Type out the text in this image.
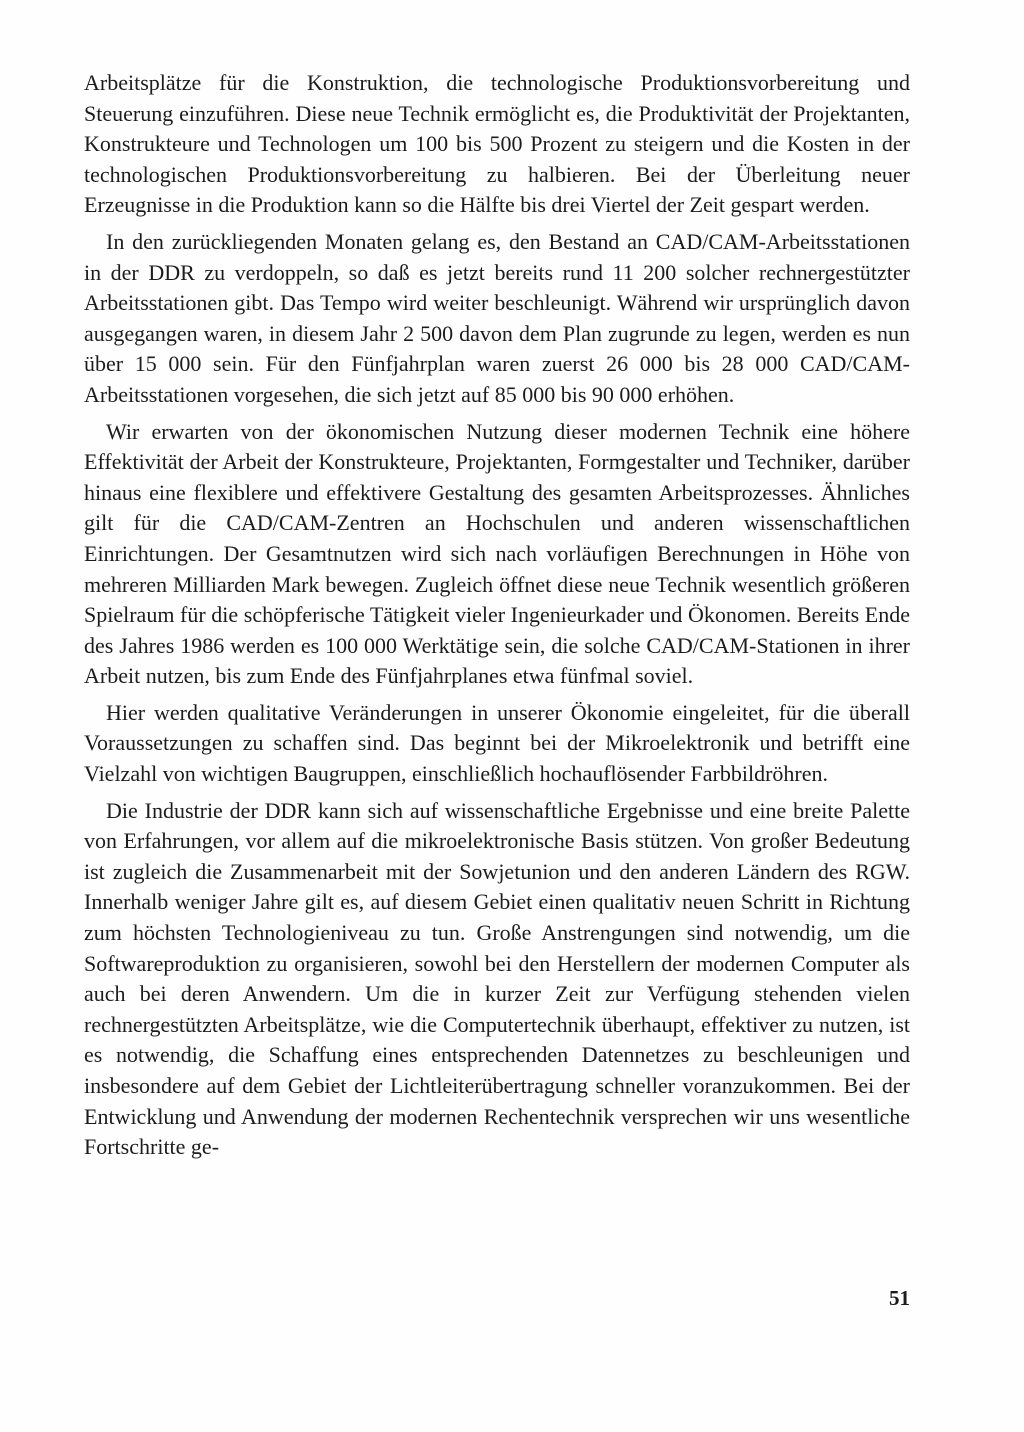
Arbeitsplätze für die Konstruktion, die technologische Produktionsvorbereitung und Steuerung einzuführen. Diese neue Technik ermöglicht es, die Produktivität der Projektanten, Konstrukteure und Technologen um 100 bis 500 Prozent zu steigern und die Kosten in der technologischen Produktionsvorbereitung zu halbieren. Bei der Überleitung neuer Erzeugnisse in die Produktion kann so die Hälfte bis drei Viertel der Zeit gespart werden.

In den zurückliegenden Monaten gelang es, den Bestand an CAD/CAM-Arbeitsstationen in der DDR zu verdoppeln, so daß es jetzt bereits rund 11 200 solcher rechnergestützter Arbeitsstationen gibt. Das Tempo wird weiter beschleunigt. Während wir ursprünglich davon ausgegangen waren, in diesem Jahr 2 500 davon dem Plan zugrunde zu legen, werden es nun über 15 000 sein. Für den Fünfjahrplan waren zuerst 26 000 bis 28 000 CAD/CAM-Arbeitsstationen vorgesehen, die sich jetzt auf 85 000 bis 90 000 erhöhen.

Wir erwarten von der ökonomischen Nutzung dieser modernen Technik eine höhere Effektivität der Arbeit der Konstrukteure, Projektanten, Formgestalter und Techniker, darüber hinaus eine flexiblere und effektivere Gestaltung des gesamten Arbeitsprozesses. Ähnliches gilt für die CAD/CAM-Zentren an Hochschulen und anderen wissenschaftlichen Einrichtungen. Der Gesamtnutzen wird sich nach vorläufigen Berechnungen in Höhe von mehreren Milliarden Mark bewegen. Zugleich öffnet diese neue Technik wesentlich größeren Spielraum für die schöpferische Tätigkeit vieler Ingenieurkader und Ökonomen. Bereits Ende des Jahres 1986 werden es 100 000 Werktätige sein, die solche CAD/CAM-Stationen in ihrer Arbeit nutzen, bis zum Ende des Fünfjahrplanes etwa fünfmal soviel.

Hier werden qualitative Veränderungen in unserer Ökonomie eingeleitet, für die überall Voraussetzungen zu schaffen sind. Das beginnt bei der Mikroelektronik und betrifft eine Vielzahl von wichtigen Baugruppen, einschließlich hochauflösender Farbbildröhren.

Die Industrie der DDR kann sich auf wissenschaftliche Ergebnisse und eine breite Palette von Erfahrungen, vor allem auf die mikroelektronische Basis stützen. Von großer Bedeutung ist zugleich die Zusammenarbeit mit der Sowjetunion und den anderen Ländern des RGW. Innerhalb weniger Jahre gilt es, auf diesem Gebiet einen qualitativ neuen Schritt in Richtung zum höchsten Technologieniveau zu tun. Große Anstrengungen sind notwendig, um die Softwareproduktion zu organisieren, sowohl bei den Herstellern der modernen Computer als auch bei deren Anwendern. Um die in kurzer Zeit zur Verfügung stehenden vielen rechnergestützten Arbeitsplätze, wie die Computertechnik überhaupt, effektiver zu nutzen, ist es notwendig, die Schaffung eines entsprechenden Datennetzes zu beschleunigen und insbesondere auf dem Gebiet der Lichtleiterübertragung schneller voranzukommen. Bei der Entwicklung und Anwendung der modernen Rechentechnik versprechen wir uns wesentliche Fortschritte ge-

51
